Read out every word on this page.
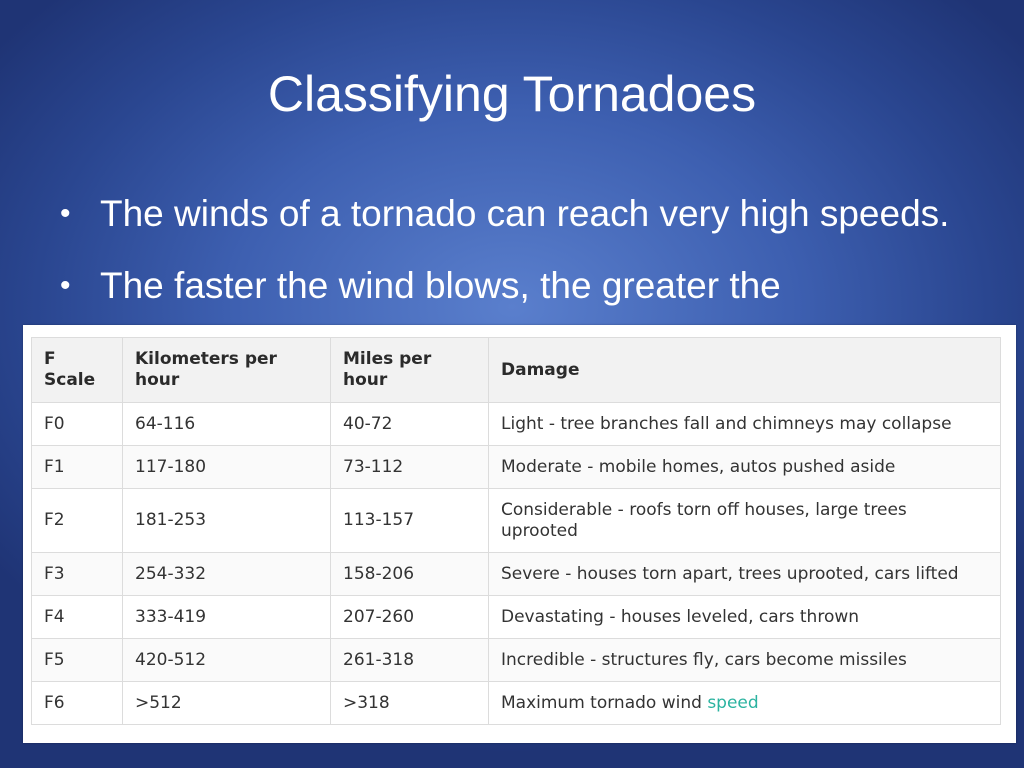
Classifying Tornadoes
• The winds of a tornado can reach very high speeds.
• The faster the wind blows, the greater the
F Scale	Kilometers per hour	Miles per hour	Damage
F0	64-116	40-72	Light - tree branches fall and chimneys may collapse
F1	117-180	73-112	Moderate - mobile homes, autos pushed aside
F2	181-253	113-157	Considerable - roofs torn off houses, large trees uprooted
F3	254-332	158-206	Severe - houses torn apart, trees uprooted, cars lifted
F4	333-419	207-260	Devastating - houses leveled, cars thrown
F5	420-512	261-318	Incredible - structures fly, cars become missiles
F6	>512	>318	Maximum tornado wind speed
